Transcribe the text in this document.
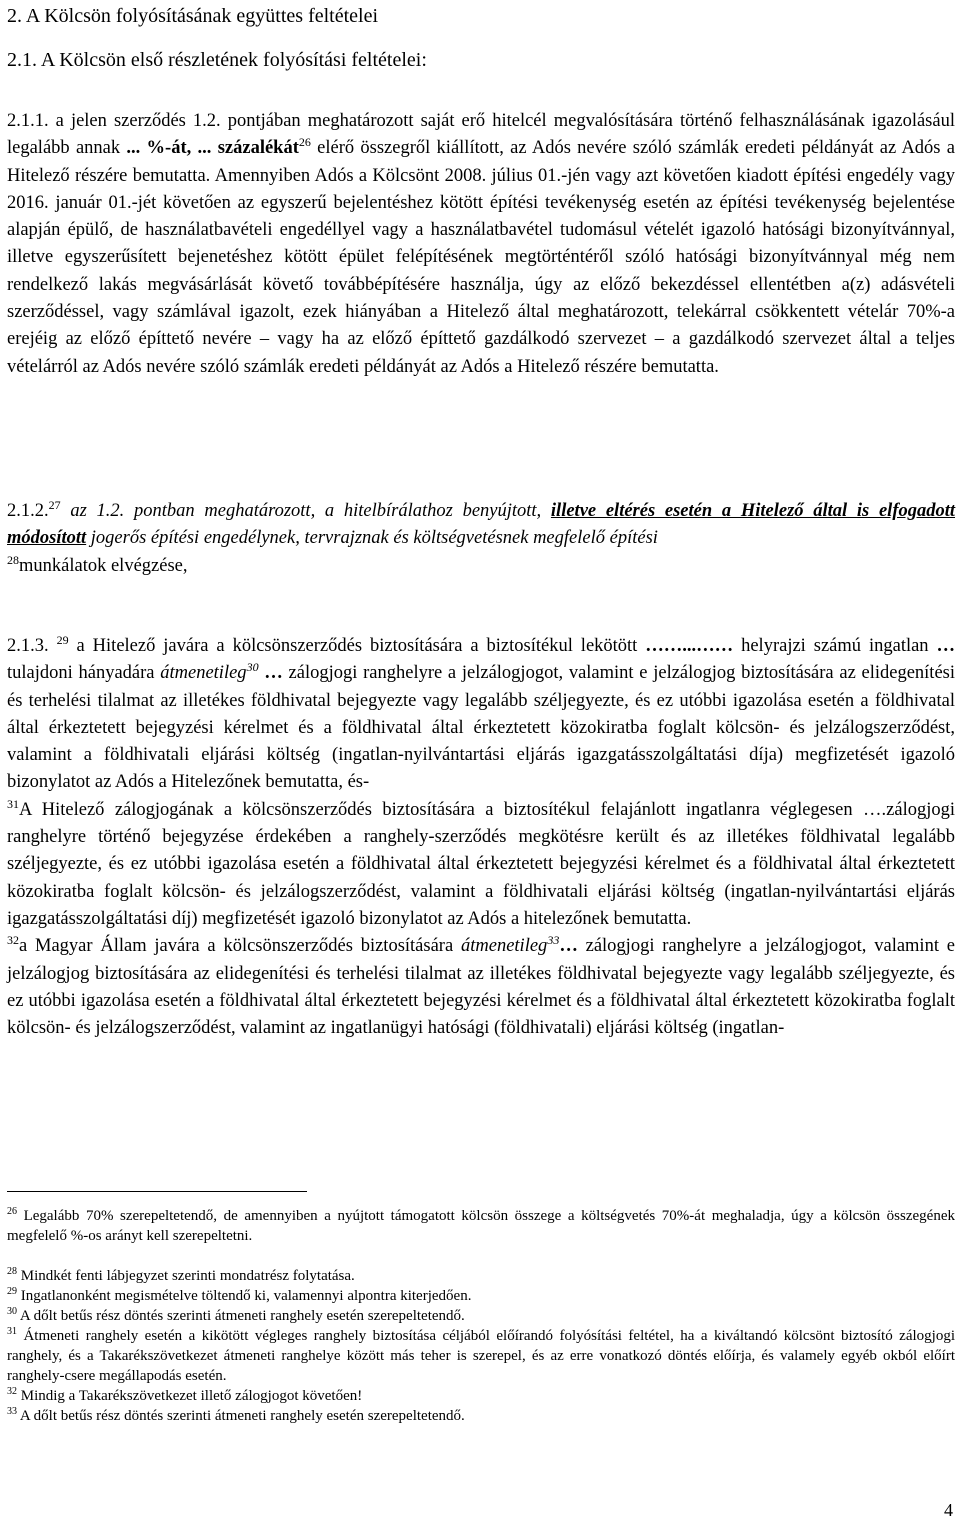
2. A Kölcsön folyósításának együttes feltételei

2.1. A Kölcsön első részletének folyósítási feltételei:

2.1.1. a jelen szerződés 1.2. pontjában meghatározott saját erő hitelcél megvalósítására történő felhasználásának igazolásául legalább annak ... %-át, ... százalékát$^{26}$ elérő összegről kiállított, az Adós nevére szóló számlák eredeti példányát az Adós a Hitelező részére bemutatta. Amennyiben Adós a Kölcsönt 2008. július 01.-jén vagy azt követően kiadott építési engedély vagy 2016. január 01.-jét követően az egyszerű bejelentéshez kötött építési tevékenység esetén az építési tevékenység bejelentése alapján épülő, de használatbavételi engedéllyel vagy a használatbavétel tudomásul vételét igazoló hatósági bizonyítvánnyal, illetve egyszerűsített bejenetéshez kötött épület felépítésének megtörténtéről szóló hatósági bizonyítvánnyal még nem rendelkező lakás megvásárlását követő továbbépítésére használja, úgy az előző bekezdéssel ellentétben a(z) adásvételi szerződéssel, vagy számlával igazolt, ezek hiányában a Hitelező által meghatározott, telekárral csökkentett vételár 70%-a erejéig az előző építtető nevére – vagy ha az előző építtető gazdálkodó szervezet – a gazdálkodó szervezet által a teljes vételárról az Adós nevére szóló számlák eredeti példányát az Adós a Hitelező részére bemutatta.

2.1.2.27 az 1.2. pontban meghatározott, a hitelbírálathoz benyújtott, illetve eltérés esetén a Hitelező által is elfogadott módosított jogerős építési engedélynek, tervrajznak és költségvetésnek megfelelő építési
$^{28}$munkálatok elvégzése,

2.1.3. $^{29}$ a Hitelező javára a kölcsönszerződés biztosítására a biztosítékul lekötött ……...…… helyrajzi számú ingatlan … tulajdoni hányadára átmenetileg$^{30}$ … zálogjogi ranghelyre a jelzálogjogot, valamint e jelzálogjog biztosítására az elidegenítési és terhelési tilalmat az illetékes földhivatal bejegyezte vagy legalább széljegyezte, és ez utóbbi igazolása esetén a földhivatal által érkeztetett bejegyzési kérelmet és a földhivatal által érkeztetett közokiratba foglalt kölcsön- és jelzálogszerződést, valamint a földhivatali eljárási költség (ingatlan-nyilvántartási eljárás igazgatásszolgáltatási díja) megfizetését igazoló bizonylatot az Adós a Hitelezőnek bemutatta, és-
$^{31}$A Hitelező zálogjogának a kölcsönszerződés biztosítására a biztosítékul felajánlott ingatlanra véglegesen ….zálogjogi ranghelyre történő bejegyzése érdekében a ranghely-szerződés megkötésre került és az illetékes földhivatal legalább széljegyezte, és ez utóbbi igazolása esetén a földhivatal által érkeztetett bejegyzési kérelmet és a földhivatal által érkeztetett közokiratba foglalt kölcsön- és jelzálogszerződést, valamint a földhivatali eljárási költség (ingatlan-nyilvántartási eljárás igazgatásszolgáltatási díj) megfizetését igazoló bizonylatot az Adós a hitelezőnek bemutatta.
$^{32}$a Magyar Állam javára a kölcsönszerződés biztosítására átmenetileg$^{33}$… zálogjogi ranghelyre a jelzálogjogot, valamint e jelzálogjog biztosítására az elidegenítési és terhelési tilalmat az illetékes földhivatal bejegyezte vagy legalább széljegyezte, és ez utóbbi igazolása esetén a földhivatal által érkeztetett bejegyzési kérelmet és a földhivatal által érkeztetett közokiratba foglalt kölcsön- és jelzálogszerződést, valamint az ingatlanügyi hatósági (földhivatali) eljárási költség (ingatlan-

$^{26}$ Legalább 70% szerepeltetendő, de amennyiben a nyújtott támogatott kölcsön összege a költségvetés 70%-át meghaladja, úgy a kölcsön összegének megfelelő %-os arányt kell szerepeltetni.

$^{28}$ Mindkét fenti lábjegyzet szerinti mondatrész folytatása.

$^{29}$ Ingatlanonként megismételve töltendő ki, valamennyi alpontra kiterjedően.

$^{30}$ A dőlt betűs rész döntés szerinti átmeneti ranghely esetén szerepeltetendő.

$^{31}$ Átmeneti ranghely esetén a kikötött végleges ranghely biztosítása céljából előírandó folyósítási feltétel, ha a kiváltandó kölcsönt biztosító zálogjogi ranghely, és a Takarékszövetkezet átmeneti ranghelye között más teher is szerepel, és az erre vonatkozó döntés előírja, és valamely egyéb okból előírt ranghely-csere megállapodás esetén.

$^{32}$ Mindig a Takarékszövetkezet illető zálogjogot követően!

$^{33}$ A dőlt betűs rész döntés szerinti átmeneti ranghely esetén szerepeltetendő.

4
